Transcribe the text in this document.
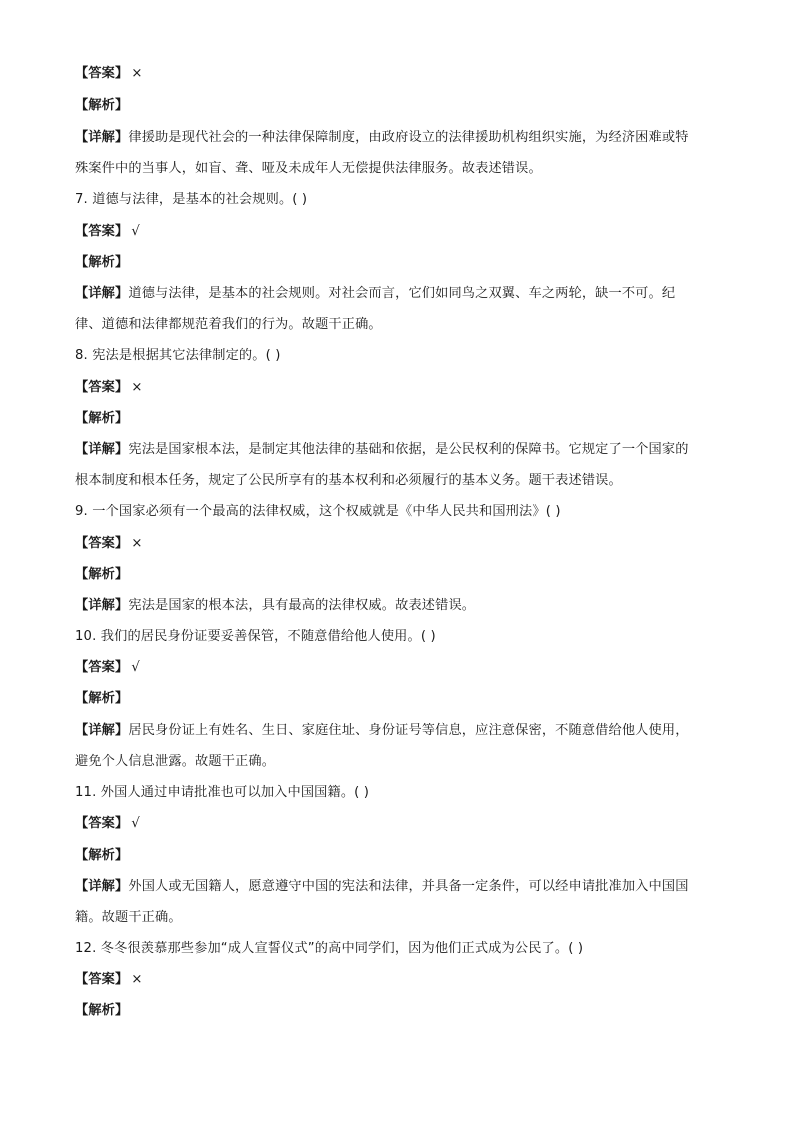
【答案】 ×
【解析】
【详解】律援助是现代社会的一种法律保障制度，由政府设立的法律援助机构组织实施，为经济困难或特
殊案件中的当事人，如盲、聋、哑及未成年人无偿提供法律服务。故表述错误。
7. 道德与法律，是基本的社会规则。( )
【答案】 √
【解析】
【详解】道德与法律，是基本的社会规则。对社会而言，它们如同鸟之双翼、车之两轮，缺一不可。纪
律、道德和法律都规范着我们的行为。故题干正确。
8. 宪法是根据其它法律制定的。( )
【答案】 ×
【解析】
【详解】宪法是国家根本法，是制定其他法律的基础和依据，是公民权利的保障书。它规定了一个国家的
根本制度和根本任务，规定了公民所享有的基本权利和必须履行的基本义务。题干表述错误。
9. 一个国家必须有一个最高的法律权威，这个权威就是《中华人民共和国刑法》( )
【答案】 ×
【解析】
【详解】宪法是国家的根本法，具有最高的法律权威。故表述错误。
10. 我们的居民身份证要妥善保管，不随意借给他人使用。( )
【答案】 √
【解析】
【详解】居民身份证上有姓名、生日、家庭住址、身份证号等信息，应注意保密，不随意借给他人使用，
避免个人信息泄露。故题干正确。
11. 外国人通过申请批准也可以加入中国国籍。( )
【答案】 √
【解析】
【详解】外国人或无国籍人，愿意遵守中国的宪法和法律，并具备一定条件，可以经申请批准加入中国国
籍。故题干正确。
12. 冬冬很羡慕那些参加“成人宣誓仪式”的高中同学们，因为他们正式成为公民了。( )
【答案】 ×
【解析】
